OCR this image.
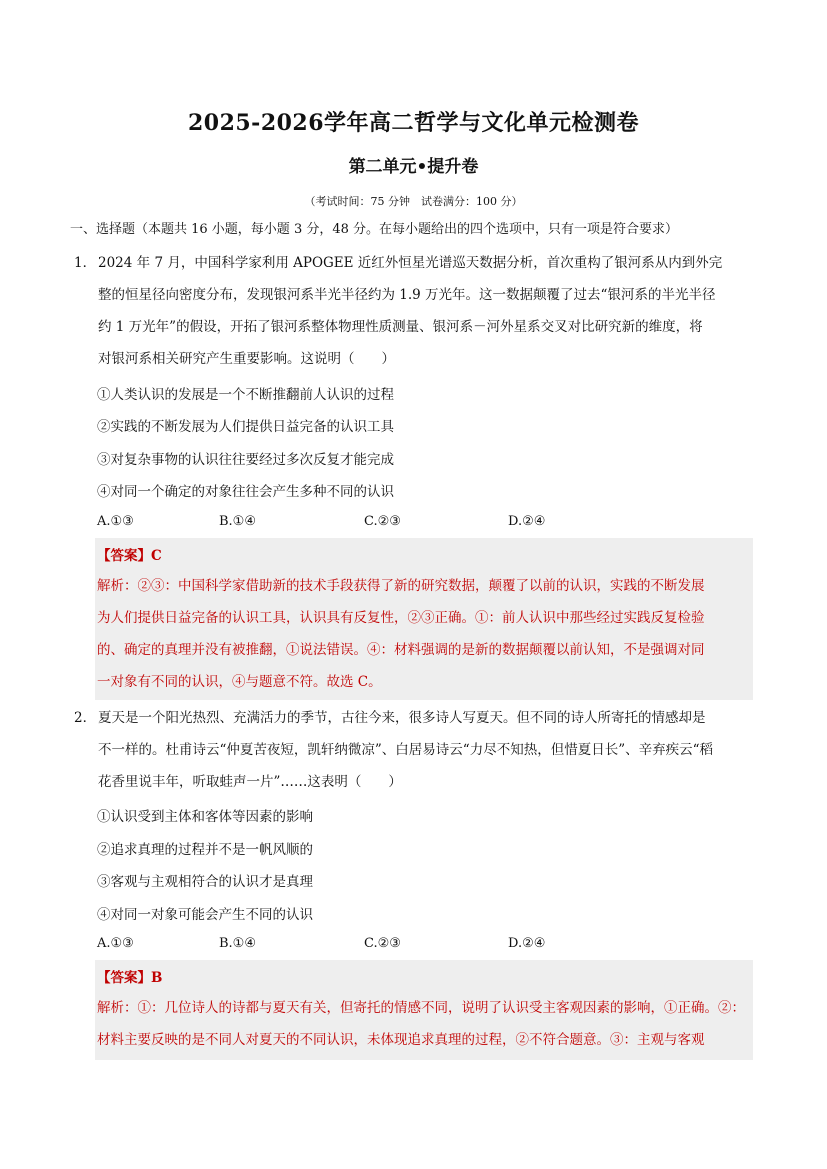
2025-2026学年高二哲学与文化单元检测卷
第二单元•提升卷
（考试时间：75 分钟　试卷满分：100 分）
一、选择题（本题共 16 小题，每小题 3 分，48 分。在每小题给出的四个选项中，只有一项是符合要求）
1． 2024 年 7 月，中国科学家利用 APOGEE 近红外恒星光谱巡天数据分析，首次重构了银河系从内到外完
整的恒星径向密度分布，发现银河系半光半径约为 1.9 万光年。这一数据颠覆了过去“银河系的半光半径
约 1 万光年”的假设，开拓了银河系整体物理性质测量、银河系－河外星系交叉对比研究新的维度，将
对银河系相关研究产生重要影响。这说明（　　）
①人类认识的发展是一个不断推翻前人认识的过程
②实践的不断发展为人们提供日益完备的认识工具
③对复杂事物的认识往往要经过多次反复才能完成
④对同一个确定的对象往往会产生多种不同的认识
A.①③	B.①④	C.②③	D.②④
【答案】C
解析：②③：中国科学家借助新的技术手段获得了新的研究数据，颠覆了以前的认识，实践的不断发展
为人们提供日益完备的认识工具，认识具有反复性，②③正确。①：前人认识中那些经过实践反复检验
的、确定的真理并没有被推翻，①说法错误。④：材料强调的是新的数据颠覆以前认知，不是强调对同
一对象有不同的认识，④与题意不符。故选 C。
2． 夏天是一个阳光热烈、充满活力的季节，古往今来，很多诗人写夏天。但不同的诗人所寄托的情感却是
不一样的。杜甫诗云“仲夏苦夜短，凯轩纳微凉”、白居易诗云“力尽不知热，但惜夏日长”、辛弃疾云“稻
花香里说丰年，听取蛙声一片”……这表明（　　）
①认识受到主体和客体等因素的影响
②追求真理的过程并不是一帆风顺的
③客观与主观相符合的认识才是真理
④对同一对象可能会产生不同的认识
A.①③	B.①④	C.②③	D.②④
【答案】B
解析：①：几位诗人的诗都与夏天有关，但寄托的情感不同，说明了认识受主客观因素的影响，①正确。②：
材料主要反映的是不同人对夏天的不同认识，未体现追求真理的过程，②不符合题意。③：主观与客观
